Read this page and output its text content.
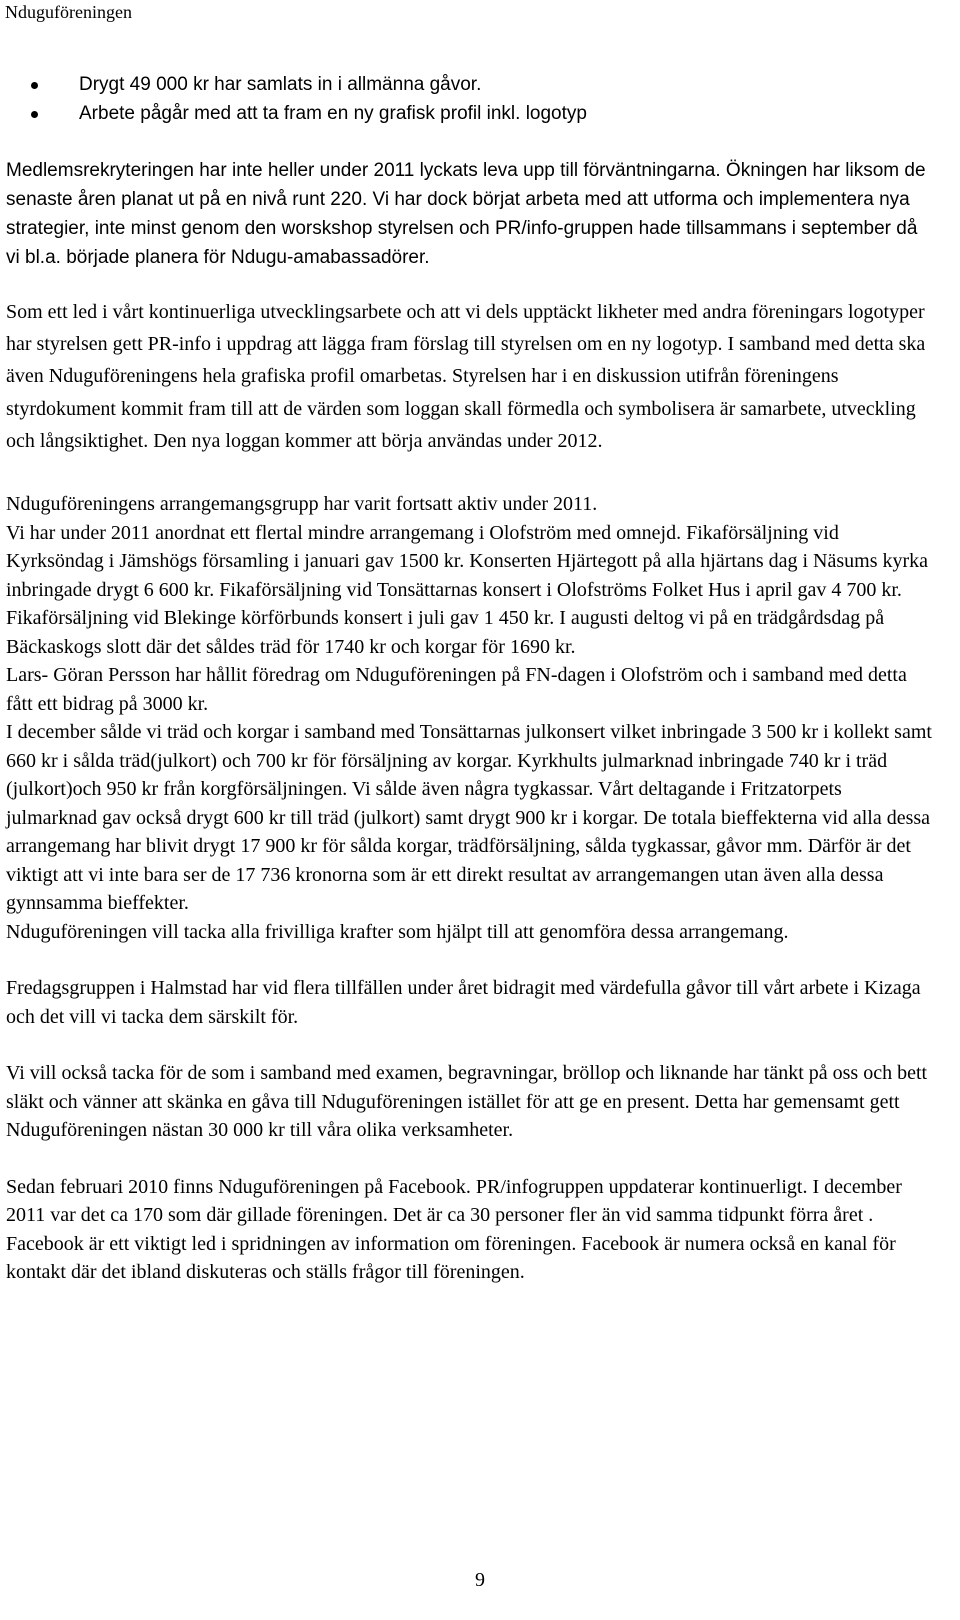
Nduguföreningen
Drygt 49 000 kr har samlats in i allmänna gåvor.
Arbete pågår med att ta fram en ny grafisk profil inkl. logotyp

Medlemsrekryteringen har inte heller under 2011 lyckats leva upp till förväntningarna. Ökningen har liksom de senaste åren planat ut på en nivå runt 220. Vi har dock börjat arbeta med att utforma och implementera nya strategier, inte minst genom den worskshop styrelsen och PR/info-gruppen hade tillsammans i september då vi bl.a. började planera för Ndugu-amabassadörer.

Som ett led i vårt kontinuerliga utvecklingsarbete och att vi dels upptäckt likheter med andra föreningars logotyper har styrelsen gett PR-info i uppdrag att lägga fram förslag till styrelsen om en ny logotyp. I samband med detta ska även Nduguföreningens hela grafiska profil omarbetas. Styrelsen har i en diskussion utifrån föreningens styrdokument kommit fram till att de värden som loggan skall förmedla och symbolisera är samarbete, utveckling och långsiktighet. Den nya loggan kommer att börja användas under 2012.

Nduguföreningens arrangemangsgrupp har varit fortsatt aktiv under 2011.

Vi har under 2011 anordnat ett flertal mindre arrangemang i Olofström med omnejd. Fikaförsäljning vid Kyrksöndag i Jämshögs församling i januari gav 1500 kr. Konserten Hjärtegott på alla hjärtans dag i Näsums kyrka inbringade drygt 6 600 kr. Fikaförsäljning vid Tonsättarnas konsert i Olofströms Folket Hus i april gav 4 700 kr. Fikaförsäljning vid Blekinge körförbunds konsert i juli gav 1 450 kr. I augusti deltog vi på en trädgårdsdag på Bäckaskogs slott där det såldes träd för 1740 kr och korgar för 1690 kr.

Lars- Göran Persson har hållit föredrag om Nduguföreningen på FN-dagen i Olofström och i samband med detta fått ett bidrag på 3000 kr.

I december sålde vi träd och korgar i samband med Tonsättarnas julkonsert vilket inbringade 3 500 kr i kollekt samt 660 kr i sålda träd(julkort) och 700 kr för försäljning av korgar. Kyrkhults julmarknad inbringade 740 kr i träd (julkort)och 950 kr från korgförsäljningen. Vi sålde även några tygkassar. Vårt deltagande i Fritzatorpets julmarknad gav också drygt 600 kr till träd (julkort) samt drygt 900 kr i korgar. De totala bieffekterna vid alla dessa arrangemang har blivit drygt 17 900 kr för sålda korgar, trädförsäljning, sålda tygkassar, gåvor mm. Därför är det viktigt att vi inte bara ser de 17 736 kronorna som är ett direkt resultat av arrangemangen utan även alla dessa gynnsamma bieffekter.

Nduguföreningen vill tacka alla frivilliga krafter som hjälpt till att genomföra dessa arrangemang.

Fredagsgruppen i Halmstad har vid flera tillfällen under året bidragit med värdefulla gåvor till vårt arbete i Kizaga och det vill vi tacka dem särskilt för.

Vi vill också tacka för de som i samband med examen, begravningar, bröllop och liknande har tänkt på oss och bett släkt och vänner att skänka en gåva till Nduguföreningen istället för att ge en present. Detta har gemensamt gett Nduguföreningen nästan 30 000 kr till våra olika verksamheter.

Sedan februari 2010 finns Nduguföreningen på Facebook. PR/infogruppen uppdaterar kontinuerligt. I december 2011 var det ca 170 som där gillade föreningen. Det är ca 30 personer fler än vid samma tidpunkt förra året . Facebook är ett viktigt led i spridningen av information om föreningen. Facebook är numera också en kanal för kontakt där det ibland diskuteras och ställs frågor till föreningen.

9
